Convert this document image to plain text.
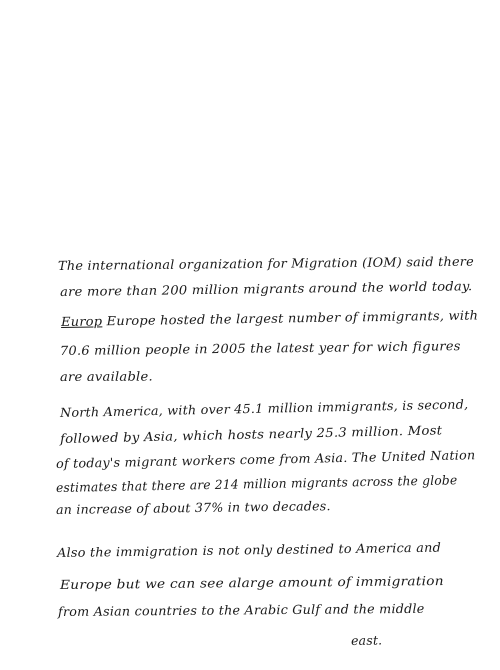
The international organization for Migration (IOM) said there
are more than 200 million migrants around the world today.
Europ Europe hosted the largest number of immigrants, with
70.6 million people in 2005 the latest year for wich figures
are available.
North America, with over 45.1 million immigrants, is second,
followed by Asia, which hosts nearly 25.3 million. Most
of today's migrant workers come from Asia. The United Nation
estimates that there are 214 million migrants across the globe
an increase of about 37% in two decades.
Also the immigration is not only destined to America and
Europe but we can see alarge amount of immigration
from Asian countries to the Arabic Gulf and the middle
east.
